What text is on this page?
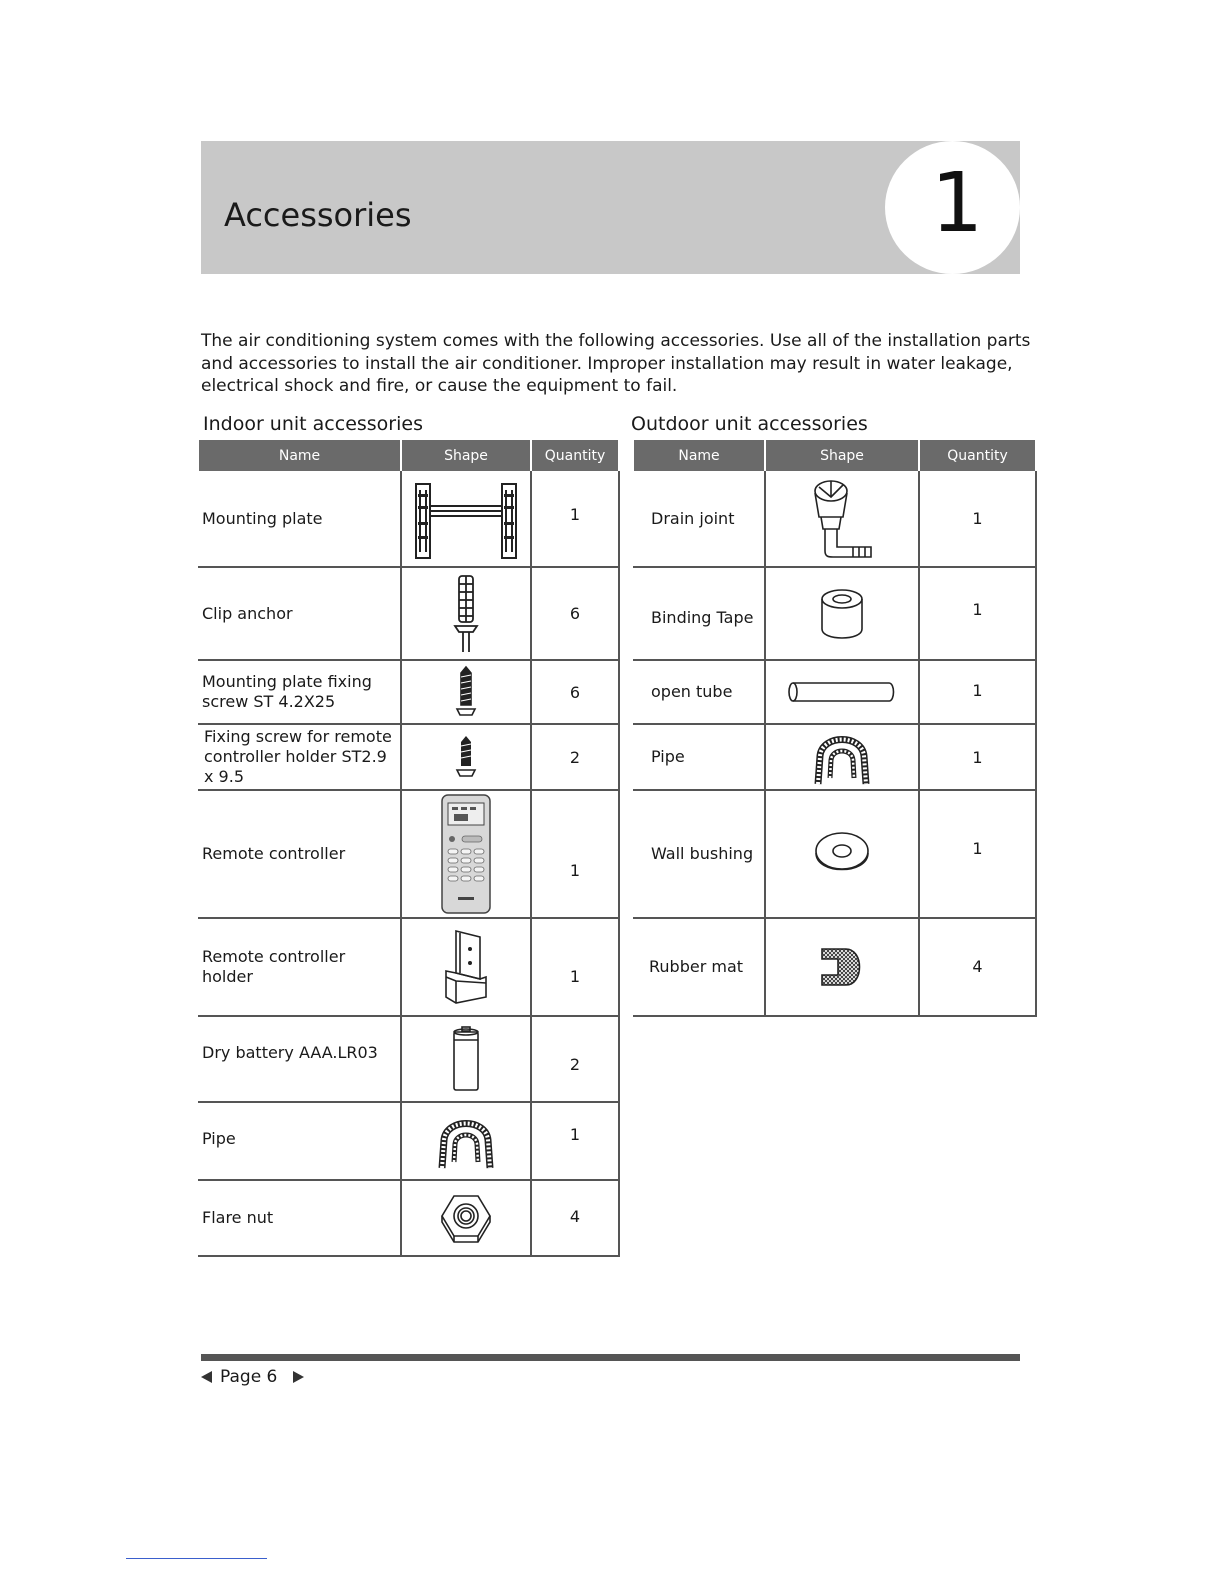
Accessories	1
The air conditioning system comes with the following accessories. Use all of the installation parts and accessories to install the air conditioner. Improper installation may result in water leakage, electrical shock and fire, or cause the equipment to fail.
Indoor unit accessories	Outdoor unit accessories
Name	Shape	Quantity
Mounting plate		1
Clip anchor		6
Mounting plate fixing screw ST 4.2X25		6
Fixing screw for remote controller holder ST2.9 x 9.5		2
Remote controller		1
Remote controller holder		1
Dry battery AAA.LR03		2
Pipe		1
Flare nut		4
Name	Shape	Quantity
Drain joint		1
Binding Tape		1
open tube		1
Pipe		1
Wall bushing		1
Rubber mat		4
Page 6
